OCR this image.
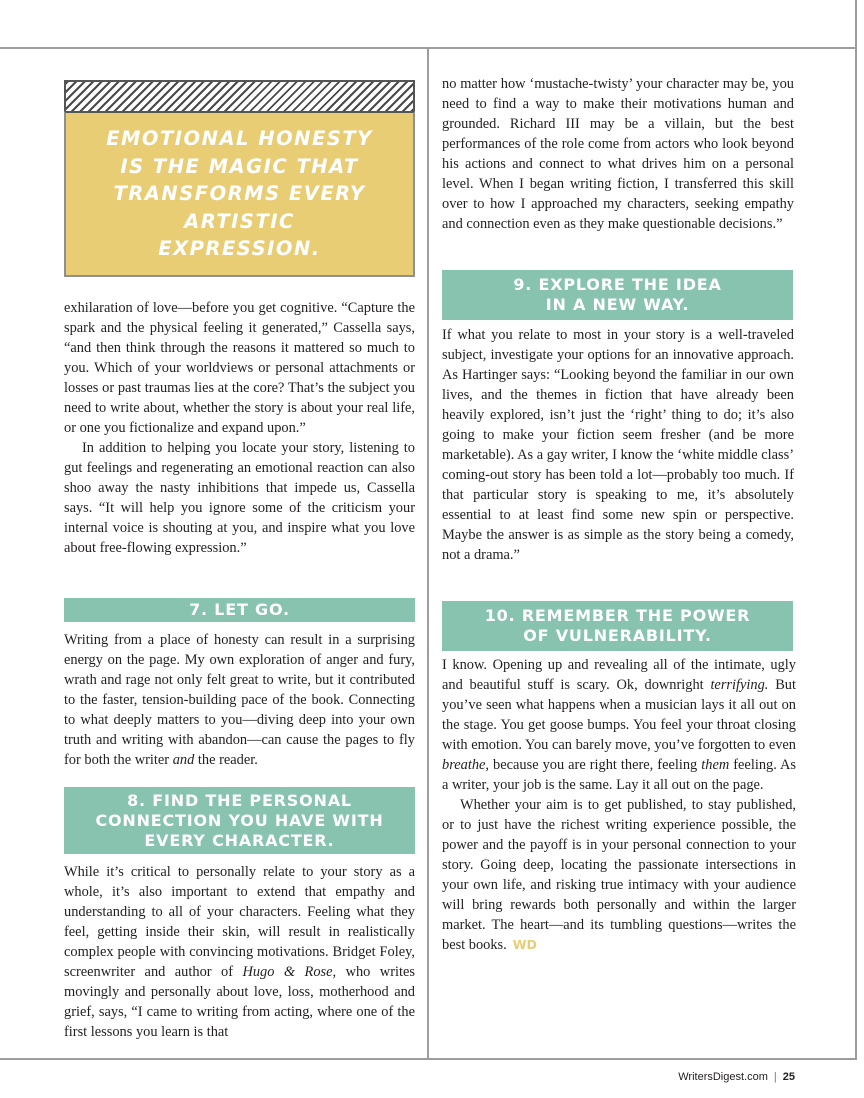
EMOTIONAL HONESTY IS THE MAGIC THAT TRANSFORMS EVERY ARTISTIC EXPRESSION.

exhilaration of love—before you get cognitive. “Capture the spark and the physical feeling it generated,” Cassella says, “and then think through the reasons it mattered so much to you. Which of your worldviews or personal attachments or losses or past traumas lies at the core? That’s the subject you need to write about, whether the story is about your real life, or one you fictionalize and expand upon.”

In addition to helping you locate your story, listening to gut feelings and regenerating an emotional reaction can also shoo away the nasty inhibitions that impede us, Cassella says. “It will help you ignore some of the criticism your internal voice is shouting at you, and inspire what you love about free-flowing expression.”

7. LET GO.

Writing from a place of honesty can result in a surprising energy on the page. My own exploration of anger and fury, wrath and rage not only felt great to write, but it contributed to the faster, tension-building pace of the book. Connecting to what deeply matters to you—diving deep into your own truth and writing with abandon—can cause the pages to fly for both the writer and the reader.

8. FIND THE PERSONAL
CONNECTION YOU HAVE WITH
EVERY CHARACTER.

While it’s critical to personally relate to your story as a whole, it’s also important to extend that empathy and understanding to all of your characters. Feeling what they feel, getting inside their skin, will result in realistically complex people with convincing motivations. Bridget Foley, screenwriter and author of Hugo & Rose, who writes movingly and personally about love, loss, motherhood and grief, says, “I came to writing from acting, where one of the first lessons you learn is that

no matter how ‘mustache-twisty’ your character may be, you need to find a way to make their motivations human and grounded. Richard III may be a villain, but the best performances of the role come from actors who look beyond his actions and connect to what drives him on a personal level. When I began writing fiction, I transferred this skill over to how I approached my characters, seeking empathy and connection even as they make questionable decisions.”

9. EXPLORE THE IDEA
IN A NEW WAY.

If what you relate to most in your story is a well-traveled subject, investigate your options for an innovative approach. As Hartinger says: “Looking beyond the familiar in our own lives, and the themes in fiction that have already been heavily explored, isn’t just the ‘right’ thing to do; it’s also going to make your fiction seem fresher (and be more marketable). As a gay writer, I know the ‘white middle class’ coming-out story has been told a lot—probably too much. If that particular story is speaking to me, it’s absolutely essential to at least find some new spin or perspective. Maybe the answer is as simple as the story being a comedy, not a drama.”

10. REMEMBER THE POWER
OF VULNERABILITY.

I know. Opening up and revealing all of the intimate, ugly and beautiful stuff is scary. Ok, downright terrifying. But you’ve seen what happens when a musician lays it all out on the stage. You get goose bumps. You feel your throat closing with emotion. You can barely move, you’ve forgotten to even breathe, because you are right there, feeling them feeling. As a writer, your job is the same. Lay it all out on the page.

Whether your aim is to get published, to stay published, or to just have the richest writing experience possible, the power and the payoff is in your personal connection to your story. Going deep, locating the passionate intersections in your own life, and risking true intimacy with your audience will bring rewards both personally and within the larger market. The heart—and its tumbling questions—writes the best books. WD

WritersDigest.com | 25
